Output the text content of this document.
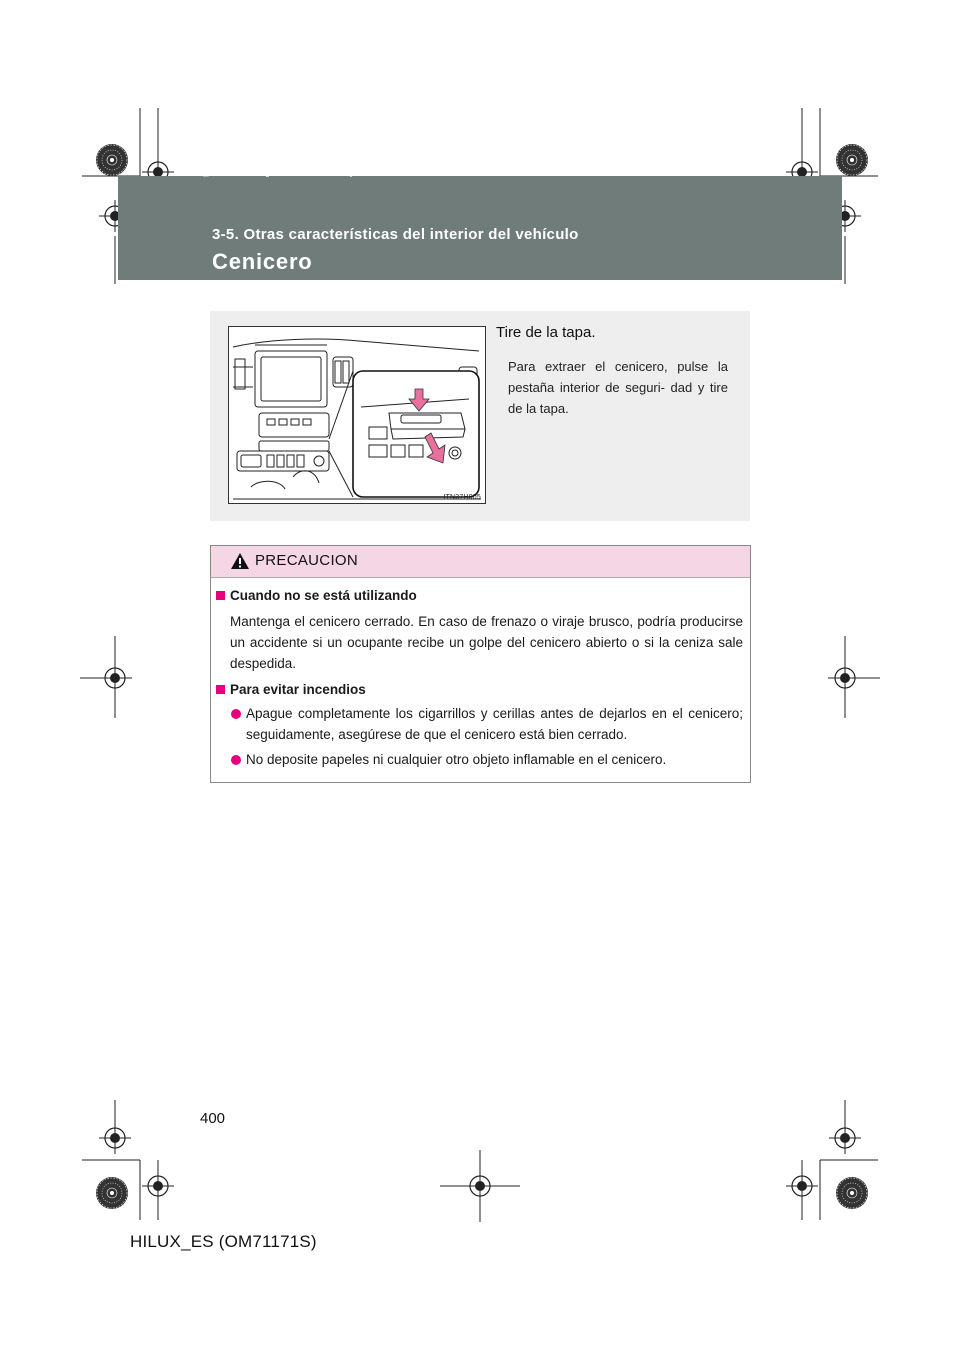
HILUX_ES.book Page 400 Wednesday, March 23, 2011 4:15 PM
3-5. Otras características del interior del vehículo
Cenicero
ITN37H005
Tire de la tapa.
Para extraer el cenicero, pulse la pestaña interior de seguri- dad y tire de la tapa.
PRECAUCION
Cuando no se está utilizando
Mantenga el cenicero cerrado. En caso de frenazo o viraje brusco, podría producirse un accidente si un ocupante recibe un golpe del cenicero abierto o si la ceniza sale despedida.
Para evitar incendios
Apague completamente los cigarrillos y cerillas antes de dejarlos en el cenicero; seguidamente, asegúrese de que el cenicero está bien cerrado.
No deposite papeles ni cualquier otro objeto inflamable en el cenicero.
400
HILUX_ES (OM71171S)
